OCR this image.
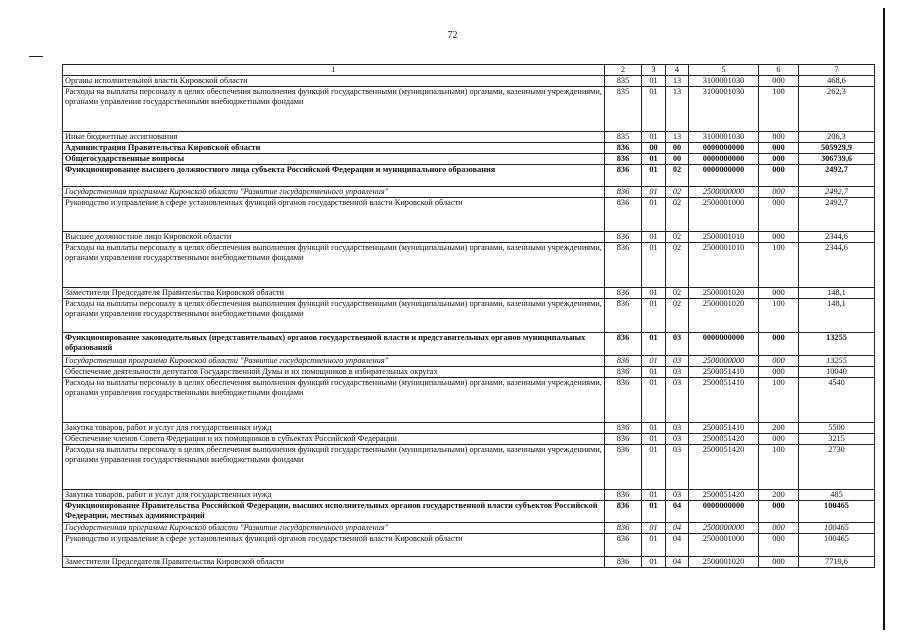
72
1	2	3	4	5	6	7
Органы исполнительной власти Кировской области	835	01	13	3100001030	000	468,6
Расходы на выплаты персоналу в целях обеспечения выполнения функций государственными (муниципальными) органами, казенными учреждениями, органами управления государственными внебюджетными фондами	835	01	13	3100001030	100	262,3
Иные бюджетные ассигнования	835	01	13	3100001030	800	206,3
Администрация Правительства Кировской области	836	00	00	0000000000	000	505929,9
Общегосударственные вопросы	836	01	00	0000000000	000	306739,6
Функционирование высшего должностного лица субъекта Российской Федерации и муниципального образования	836	01	02	0000000000	000	2492,7
Государственная программа Кировской области "Развитие государственного управления"	836	01	02	2500000000	000	2492,7
Руководство и управление в сфере установленных функций органов государственной власти Кировской области	836	01	02	2500001000	000	2492,7
Высшее должностное лицо Кировской области	836	01	02	2500001010	000	2344,6
Расходы на выплаты персоналу в целях обеспечения выполнения функций государственными (муниципальными) органами, казенными учреждениями, органами управления государственными внебюджетными фондами	836	01	02	2500001010	100	2344,6
Заместители Председателя Правительства Кировской области	836	01	02	2500001020	000	148,1
Расходы на выплаты персоналу в целях обеспечения выполнения функций государственными (муниципальными) органами, казенными учреждениями, органами управления государственными внебюджетными фондами	836	01	02	2500001020	100	148,1
Функционирование законодательных (представительных) органов государственной власти и представительных органов муниципальных образований	836	01	03	0000000000	000	13255
Государственная программа Кировской области "Развитие государственного управления"	836	01	03	2500000000	000	13255
Обеспечение деятельности депутатов Государственной Думы и их помощников в избирательных округах	836	01	03	2500051410	000	10040
Расходы на выплаты персоналу в целях обеспечения выполнения функций государственными (муниципальными) органами, казенными учреждениями, органами управления государственными внебюджетными фондами	836	01	03	2500051410	100	4540
Закупка товаров, работ и услуг для государственных нужд	836	01	03	2500051410	200	5500
Обеспечение членов Совета Федерации и их помощников в субъектах Российской Федерации	836	01	03	2500051420	000	3215
Расходы на выплаты персоналу в целях обеспечения выполнения функций государственными (муниципальными) органами, казенными учреждениями, органами управления государственными внебюджетными фондами	836	01	03	2500051420	100	2730
Закупка товаров, работ и услуг для государственных нужд	836	01	03	2500051420	200	485
Функционирование Правительства Российской Федерации, высших исполнительных органов государственной власти субъектов Российской Федерации, местных администраций	836	01	04	0000000000	000	100465
Государственная программа Кировской области "Развитие государственного управления"	836	01	04	2500000000	000	100465
Руководство и управление в сфере установленных функций органов государственной власти Кировской области	836	01	04	2500001000	000	100465
Заместители Председателя Правительства Кировской области	836	01	04	2500001020	000	7719,6
